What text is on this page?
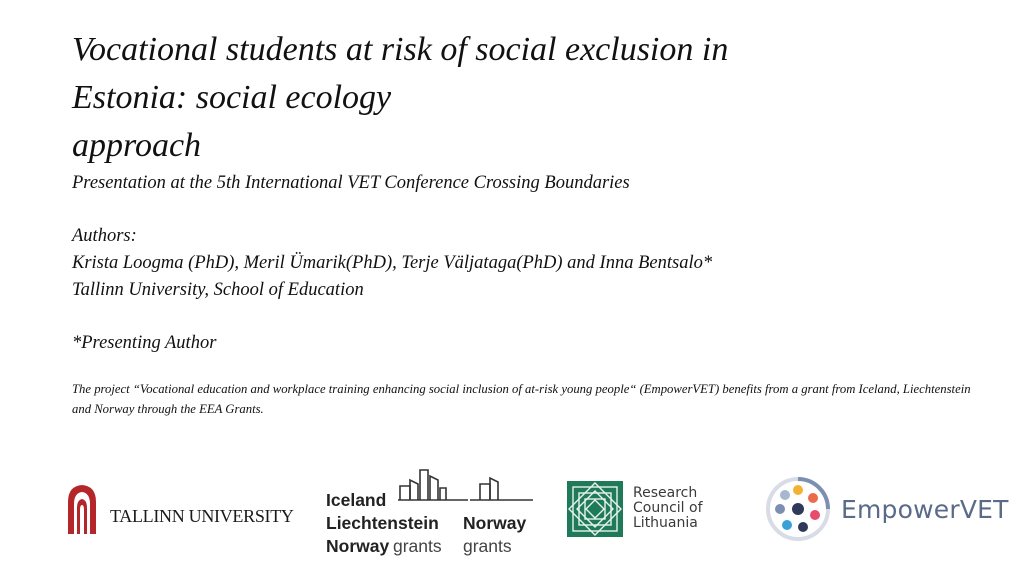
Vocational students at risk of social exclusion in
Estonia: social ecology
approach

Presentation at the 5th International VET Conference Crossing Boundaries

Authors:
Krista Loogma (PhD), Meril Ümarik(PhD), Terje Väljataga(PhD) and Inna Bentsalo*
Tallinn University, School of Education
*Presenting Author
The project “Vocational education and workplace training enhancing social inclusion of at-risk young people“ (EmpowerVET) benefits from a grant from Iceland, Liechtenstein and Norway through the EEA Grants.
TALLINN UNIVERSITY
Iceland
Liechtenstein
Norway grants
Norway
grants
Research
Council of
Lithuania	EmpowerVET
